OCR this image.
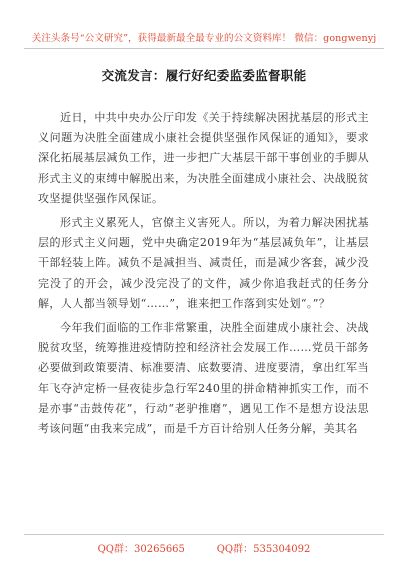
关注头条号“公文研究”，获得最新最全最专业的公文资料库！ 微信：gongwenyj
交流发言：履行好纪委监委监督职能

近日，中共中央办公厅印发《关于持续解决困扰基层的形式主义问题为决胜全面建成小康社会提供坚强作风保证的通知》，要求深化拓展基层减负工作，进一步把广大基层干部干事创业的手脚从形式主义的束缚中解脱出来，为决胜全面建成小康社会、决战脱贫攻坚提供坚强作风保证。

形式主义累死人，官僚主义害死人。所以，为着力解决困扰基层的形式主义问题，党中央确定2019年为“基层减负年”，让基层干部轻装上阵。减负不是减担当、减责任，而是减少客套，减少没完没了的开会，减少没完没了的文件，减少你追我赶式的任务分解，人人都当领导划“……”，谁来把工作落到实处划“。”？

今年我们面临的工作非常繁重，决胜全面建成小康社会、决战脱贫攻坚，统筹推进疫情防控和经济社会发展工作……党员干部务必要做到政策要清、标准要清、底数要清、进度要清，拿出红军当年飞夺泸定桥一昼夜徒步急行军240里的拼命精神抓实工作，而不是亦事“击鼓传花”，行动“老驴推磨”，遇见工作不是想方设法思考该问题“由我来完成”，而是千方百计给别人任务分解，美其名

QQ群：30265665	QQ群：535304092
